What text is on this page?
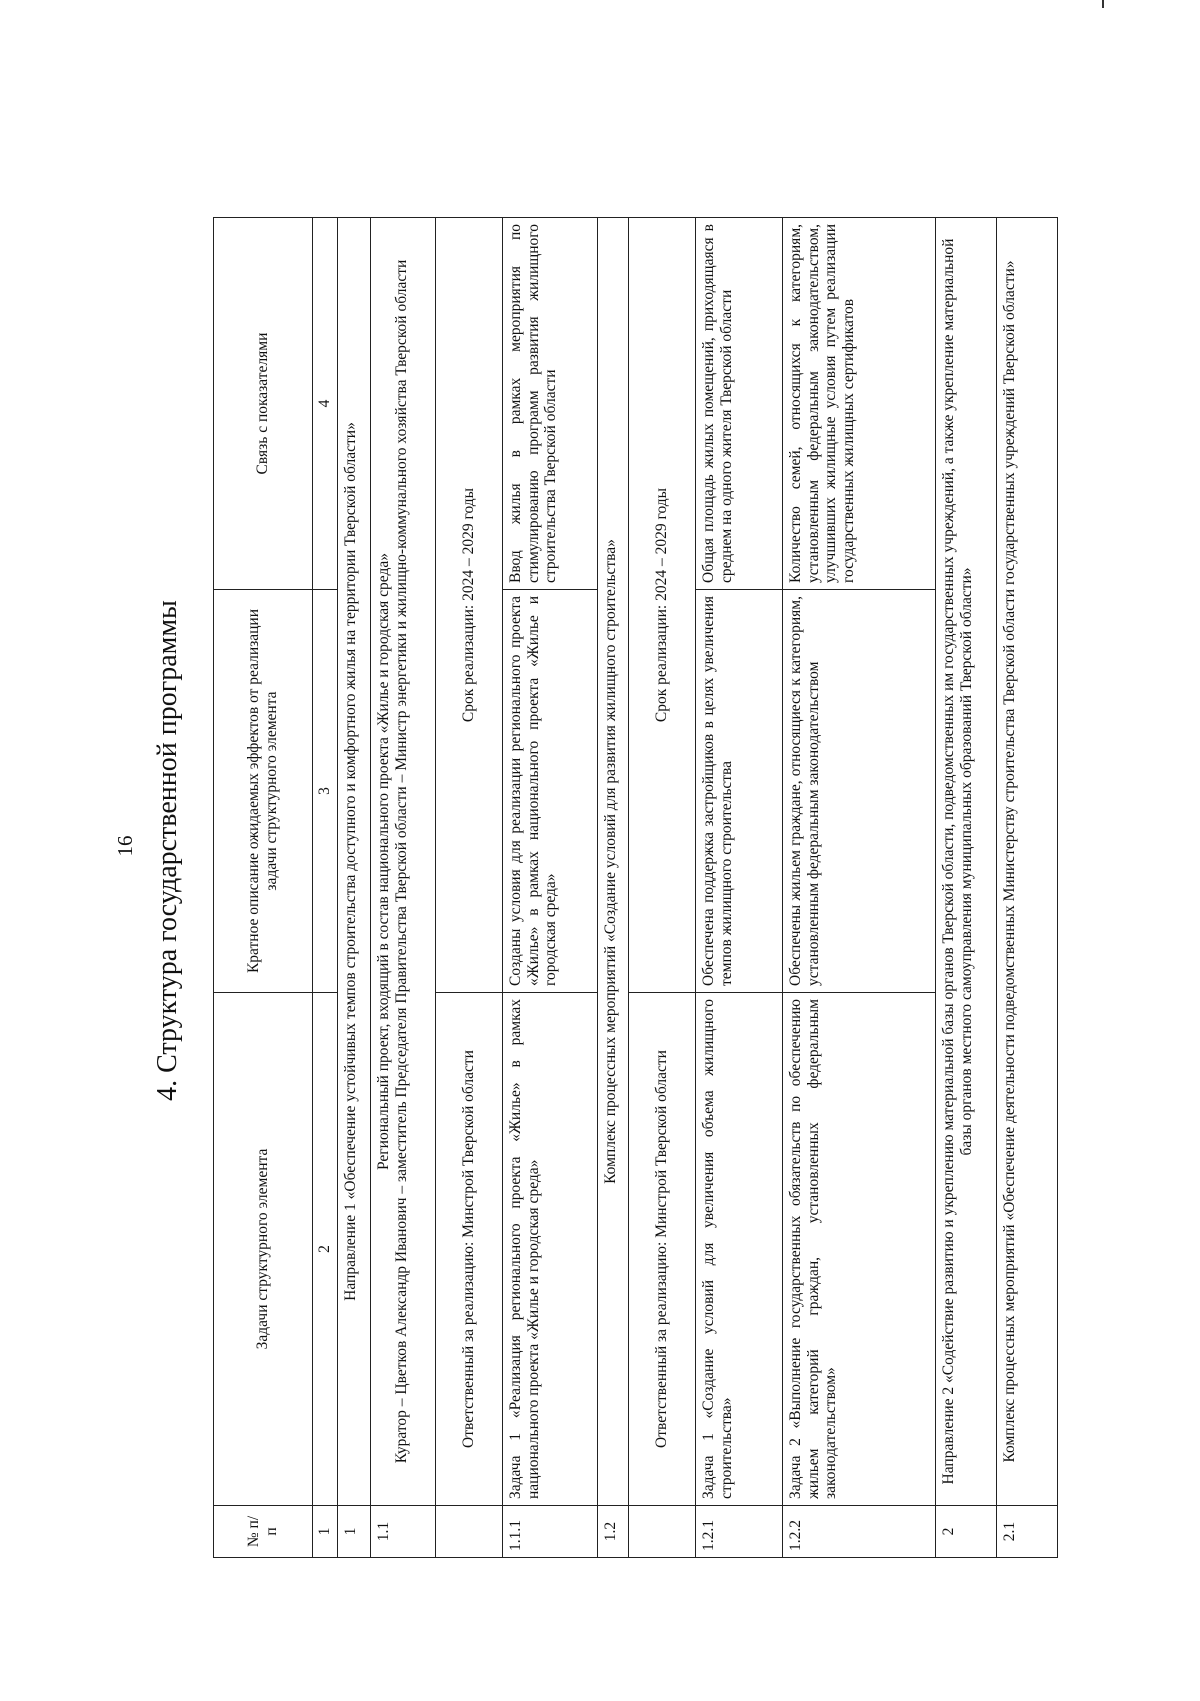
16 4. Структура государственной программы
№ п/п	Задачи структурного элемента	Кратное описание ожидаемых эффектов от реализации задачи структурного элемента	Связь с показателями
1	2	3	4
1	Направление 1 «Обеспечение устойчивых темпов строительства доступного и комфортного жилья на территории Тверской области»		
1.1	Региональный проект, входящий в состав национального проекта «Жилье и городская среда» Куратор – Цветков Александр Иванович – заместитель Председателя Правительства Тверской области – Министр энергетики и жилищно-коммунального хозяйства Тверской области		

	Ответственный за реализацию: Минстрой Тверской области	Срок реализации: 2024 – 2029 годы	
1.1.1	Задача 1 «Реализация регионального проекта «Жилье» в рамках национального проекта «Жилье и городская среда»	Созданы условия для реализации регионального проекта «Жилье» в рамках национального проекта «Жилье и городская среда»	Ввод жилья в рамках мероприятия по стимулированию программ развития жилищного строительства Тверской области
1.2	Комплекс процессных мероприятий «Создание условий для развития жилищного строительства»		
	Ответственный за реализацию: Минстрой Тверской области	Срок реализации: 2024 – 2029 годы	
1.2.1	Задача 1 «Создание условий для увеличения объема жилищного строительства»	Обеспечена поддержка застройщиков в целях увеличения темпов жилищного строительства	Общая площадь жилых помещений, приходящаяся в среднем на одного жителя Тверской области
1.2.2	Задача 2 «Выполнение государственных обязательств по обеспечению жильем категорий граждан, установленных федеральным законодательством»	Обеспечены жильем граждане, относящиеся к категориям, установленным федеральным законодательством	Количество семей, относящихся к категориям, установленным федеральным законодательством, улучшивших жилищные условия путем реализации государственных жилищных сертификатов
2	Направление 2 «Содействие развитию и укреплению материальной базы органов Тверской области, подведомственных им государственных учреждений, а также укрепление материальной базы органов местного самоуправления муниципальных образований Тверской области»		
2.1	Комплекс процессных мероприятий «Обеспечение деятельности подведомственных Министерству строительства Тверской области государственных учреждений Тверской области»		
